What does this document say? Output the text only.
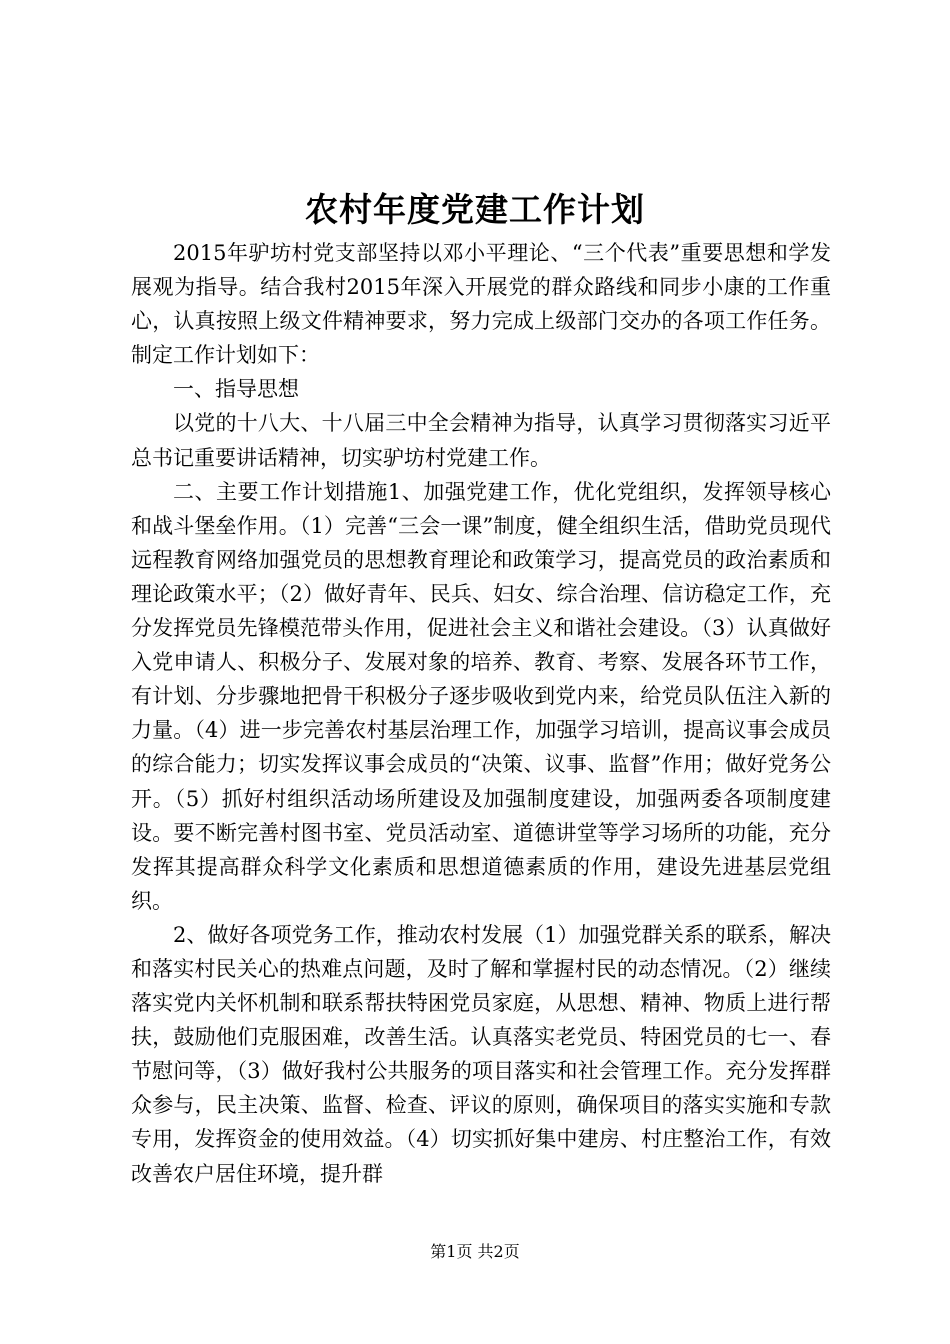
农村年度党建工作计划

2015年驴坊村党支部坚持以邓小平理论、“三个代表”重要思想和学发展观为指导。结合我村2015年深入开展党的群众路线和同步小康的工作重心，认真按照上级文件精神要求，努力完成上级部门交办的各项工作任务。制定工作计划如下：

一、指导思想

以党的十八大、十八届三中全会精神为指导，认真学习贯彻落实习近平总书记重要讲话精神，切实驴坊村党建工作。

二、主要工作计划措施1、加强党建工作，优化党组织，发挥领导核心和战斗堡垒作用。（1）完善“三会一课”制度，健全组织生活，借助党员现代远程教育网络加强党员的思想教育理论和政策学习，提高党员的政治素质和理论政策水平；（2）做好青年、民兵、妇女、综合治理、信访稳定工作，充分发挥党员先锋模范带头作用，促进社会主义和谐社会建设。（3）认真做好入党申请人、积极分子、发展对象的培养、教育、考察、发展各环节工作，有计划、分步骤地把骨干积极分子逐步吸收到党内来，给党员队伍注入新的力量。（4）进一步完善农村基层治理工作，加强学习培训，提高议事会成员的综合能力；切实发挥议事会成员的“决策、议事、监督”作用；做好党务公开。（5）抓好村组织活动场所建设及加强制度建设，加强两委各项制度建设。要不断完善村图书室、党员活动室、道德讲堂等学习场所的功能，充分发挥其提高群众科学文化素质和思想道德素质的作用，建设先进基层党组织。

2、做好各项党务工作，推动农村发展（1）加强党群关系的联系，解决和落实村民关心的热难点问题，及时了解和掌握村民的动态情况。（2）继续落实党内关怀机制和联系帮扶特困党员家庭，从思想、精神、物质上进行帮扶，鼓励他们克服困难，改善生活。认真落实老党员、特困党员的七一、春节慰问等，（3）做好我村公共服务的项目落实和社会管理工作。充分发挥群众参与，民主决策、监督、检查、评议的原则，确保项目的落实实施和专款专用，发挥资金的使用效益。（4）切实抓好集中建房、村庄整治工作，有效改善农户居住环境，提升群

第1页 共2页
